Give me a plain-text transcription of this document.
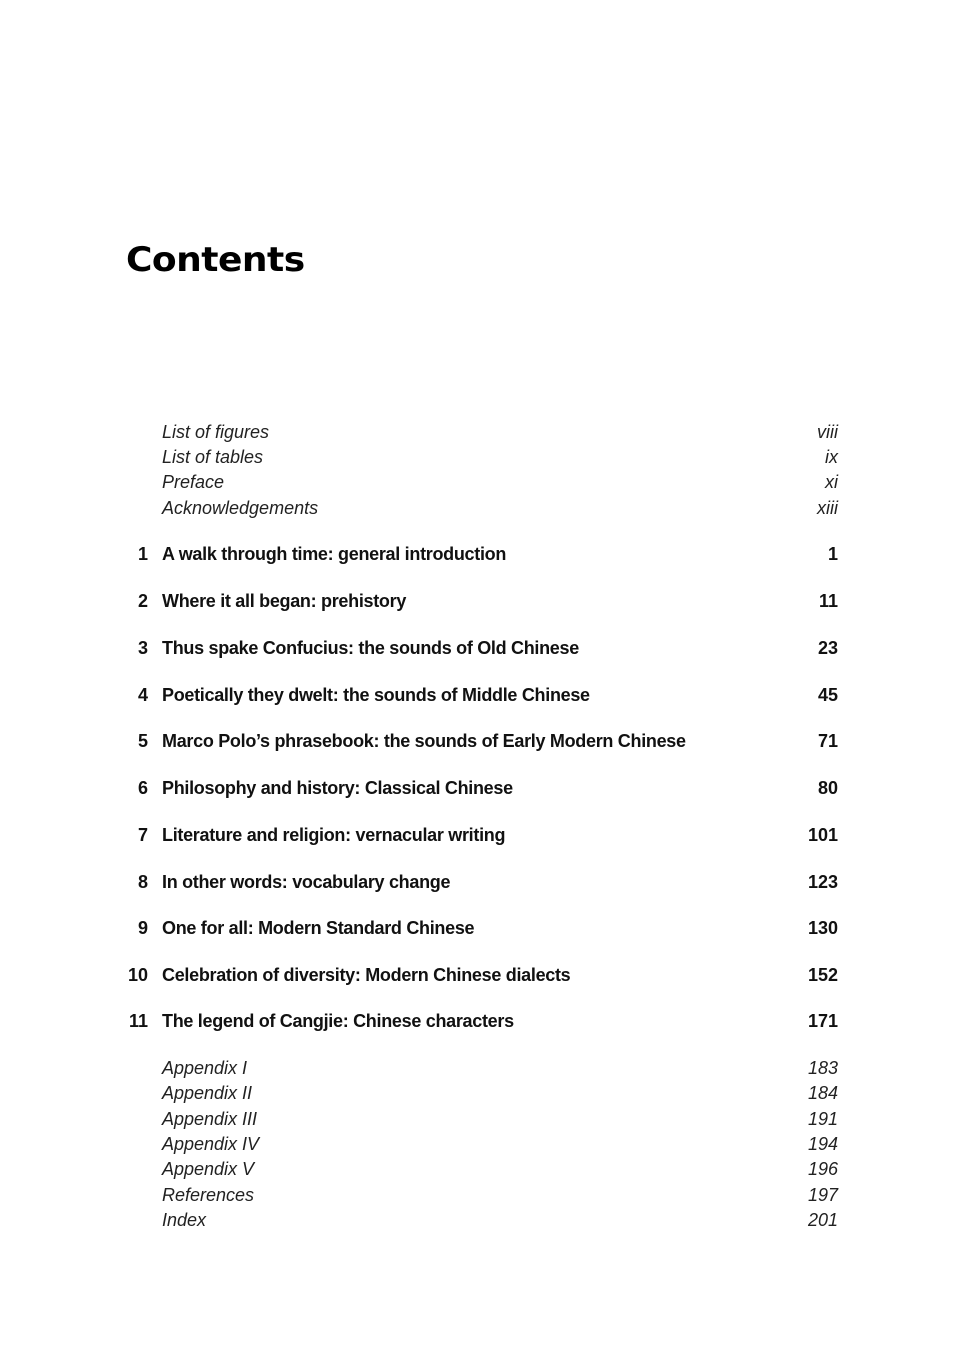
Contents
List of figures	viii
List of tables	ix
Preface	xi
Acknowledgements	xiii
1 A walk through time: general introduction	1
2 Where it all began: prehistory	11
3 Thus spake Confucius: the sounds of Old Chinese	23
4 Poetically they dwelt: the sounds of Middle Chinese	45
5 Marco Polo’s phrasebook: the sounds of Early Modern Chinese	71
6 Philosophy and history: Classical Chinese	80
7 Literature and religion: vernacular writing	101
8 In other words: vocabulary change	123
9 One for all: Modern Standard Chinese	130
10 Celebration of diversity: Modern Chinese dialects	152
11 The legend of Cangjie: Chinese characters	171
Appendix I	183
Appendix II	184
Appendix III	191
Appendix IV	194
Appendix V	196
References	197
Index	201
